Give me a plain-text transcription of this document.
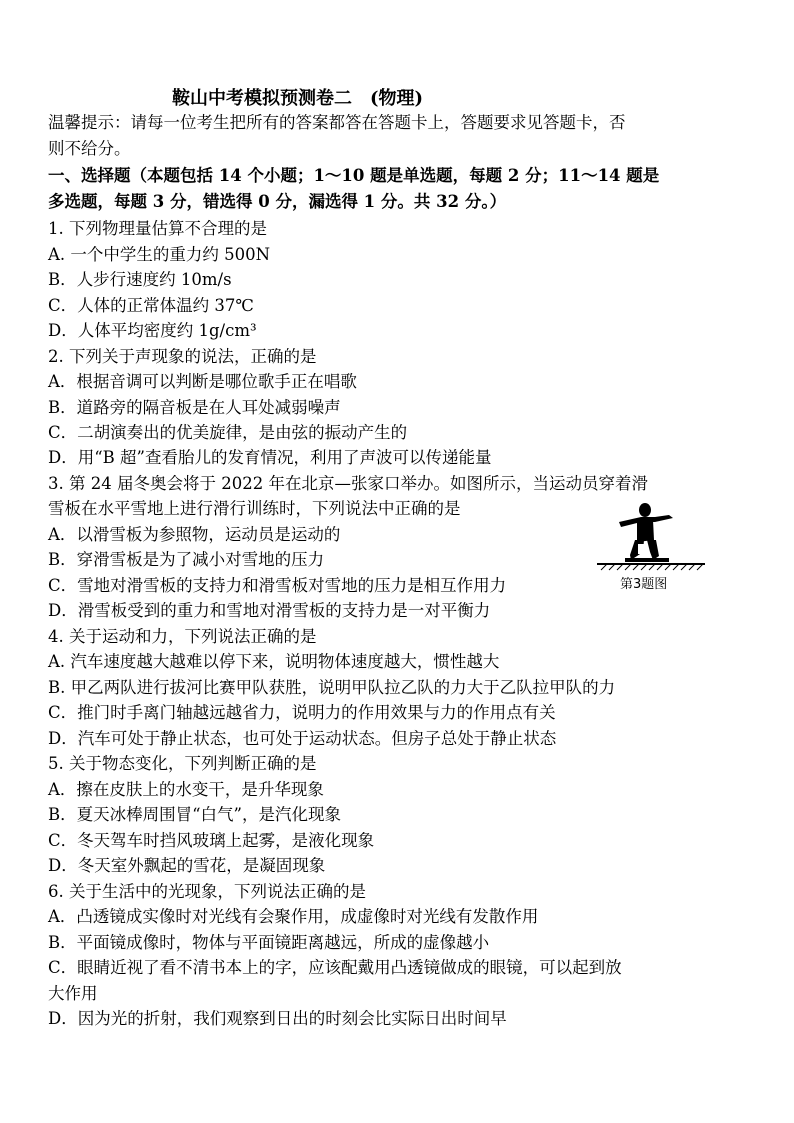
鞍山中考模拟预测卷二　(物理)
温馨提示：请每一位考生把所有的答案都答在答题卡上，答题要求见答题卡，否
则不给分。
一、选择题（本题包括 14 个小题；1～10 题是单选题，每题 2 分；11～14 题是
多选题，每题 3 分，错选得 0 分，漏选得 1 分。共 32 分。）
1. 下列物理量估算不合理的是
A. 一个中学生的重力约 500N
B．人步行速度约 10m/s
C．人体的正常体温约 37℃
D．人体平均密度约 1g/cm³
2. 下列关于声现象的说法，正确的是
A．根据音调可以判断是哪位歌手正在唱歌
B．道路旁的隔音板是在人耳处减弱噪声
C．二胡演奏出的优美旋律，是由弦的振动产生的
D．用“B 超”查看胎儿的发育情况，利用了声波可以传递能量
3. 第 24 届冬奥会将于 2022 年在北京—张家口举办。如图所示，当运动员穿着滑
雪板在水平雪地上进行滑行训练时，下列说法中正确的是
A．以滑雪板为参照物，运动员是运动的
B．穿滑雪板是为了减小对雪地的压力
C．雪地对滑雪板的支持力和滑雪板对雪地的压力是相互作用力
D．滑雪板受到的重力和雪地对滑雪板的支持力是一对平衡力
第3题图
4. 关于运动和力，下列说法正确的是
A. 汽车速度越大越难以停下来，说明物体速度越大，惯性越大
B. 甲乙两队进行拔河比赛甲队获胜，说明甲队拉乙队的力大于乙队拉甲队的力
C．推门时手离门轴越远越省力，说明力的作用效果与力的作用点有关
D．汽车可处于静止状态，也可处于运动状态。但房子总处于静止状态
5. 关于物态变化，下列判断正确的是
A．擦在皮肤上的水变干，是升华现象
B．夏天冰棒周围冒“白气”，是汽化现象
C．冬天驾车时挡风玻璃上起雾，是液化现象
D．冬天室外飘起的雪花，是凝固现象
6. 关于生活中的光现象，下列说法正确的是
A．凸透镜成实像时对光线有会聚作用，成虚像时对光线有发散作用
B．平面镜成像时，物体与平面镜距离越远，所成的虚像越小
C．眼睛近视了看不清书本上的字，应该配戴用凸透镜做成的眼镜，可以起到放
大作用
D．因为光的折射，我们观察到日出的时刻会比实际日出时间早
